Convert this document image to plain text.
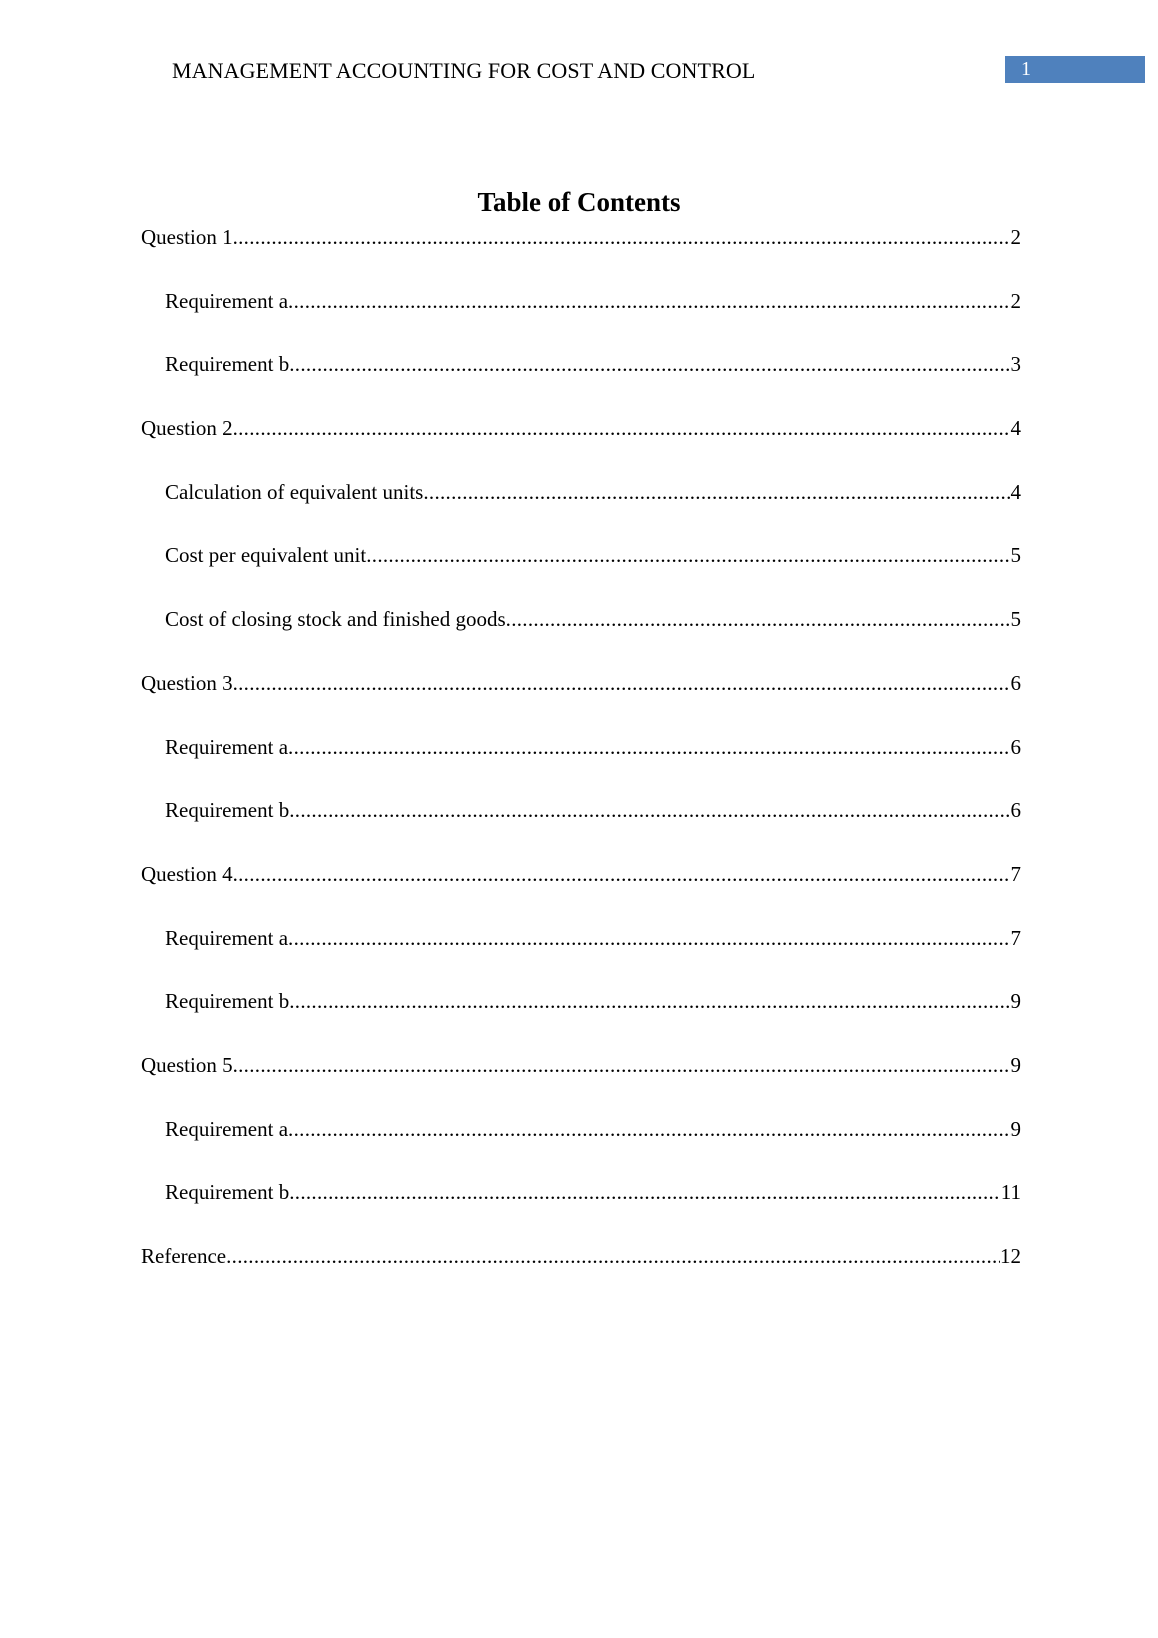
MANAGEMENT ACCOUNTING FOR COST AND CONTROL	1
Table of Contents
Question 1 .....	2
Requirement a .....	2
Requirement b .....	3
Question 2 .....	4
Calculation of equivalent units .....	4
Cost per equivalent unit .....	5
Cost of closing stock and finished goods .....	5
Question 3 .....	6
Requirement a .....	6
Requirement b .....	6
Question 4 .....	7
Requirement a .....	7
Requirement b .....	9
Question 5 .....	9
Requirement a .....	9
Requirement b .....	11
Reference .....	12
